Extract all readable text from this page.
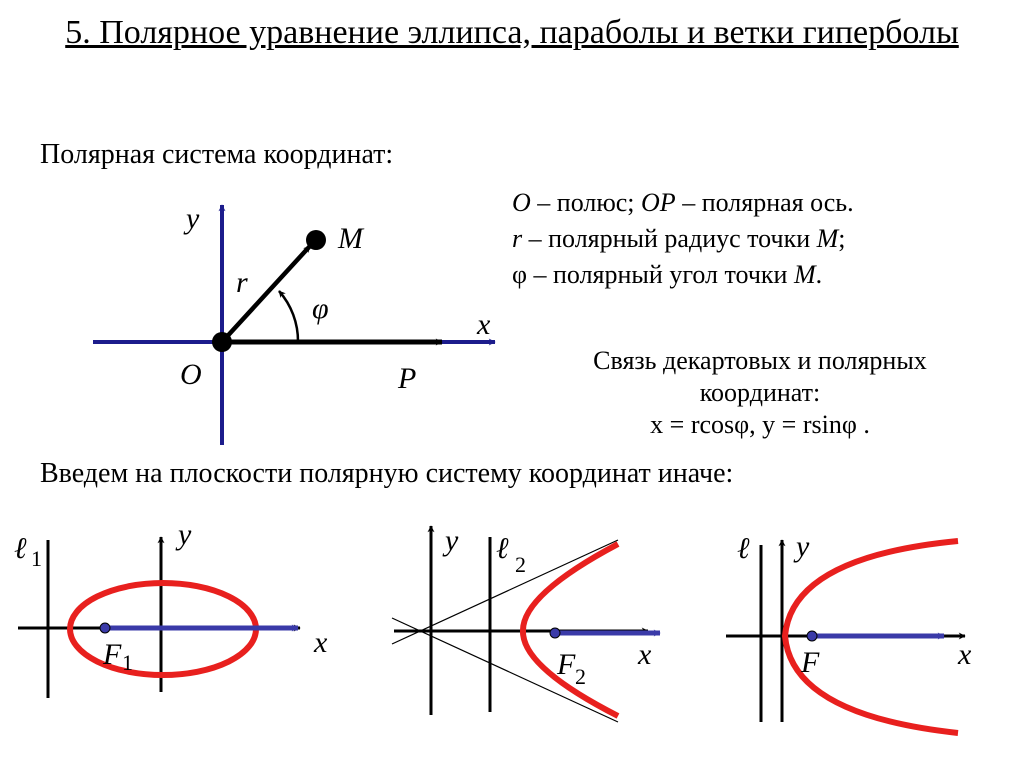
5. Полярное уравнение эллипса, параболы и ветки гиперболы
Полярная система координат:
O – полюс; OP – полярная ось.
r – полярный радиус точки M;
φ – полярный угол точки M.
Связь декартовых и полярных
координат:
x = rcosφ, y = rsinφ .
Введем на плоскости полярную систему координат иначе:
y
x
M
r
φ
O	P
ℓ 1
y
x
F 1
y ℓ 2
x
F 2
ℓ y
x
F
